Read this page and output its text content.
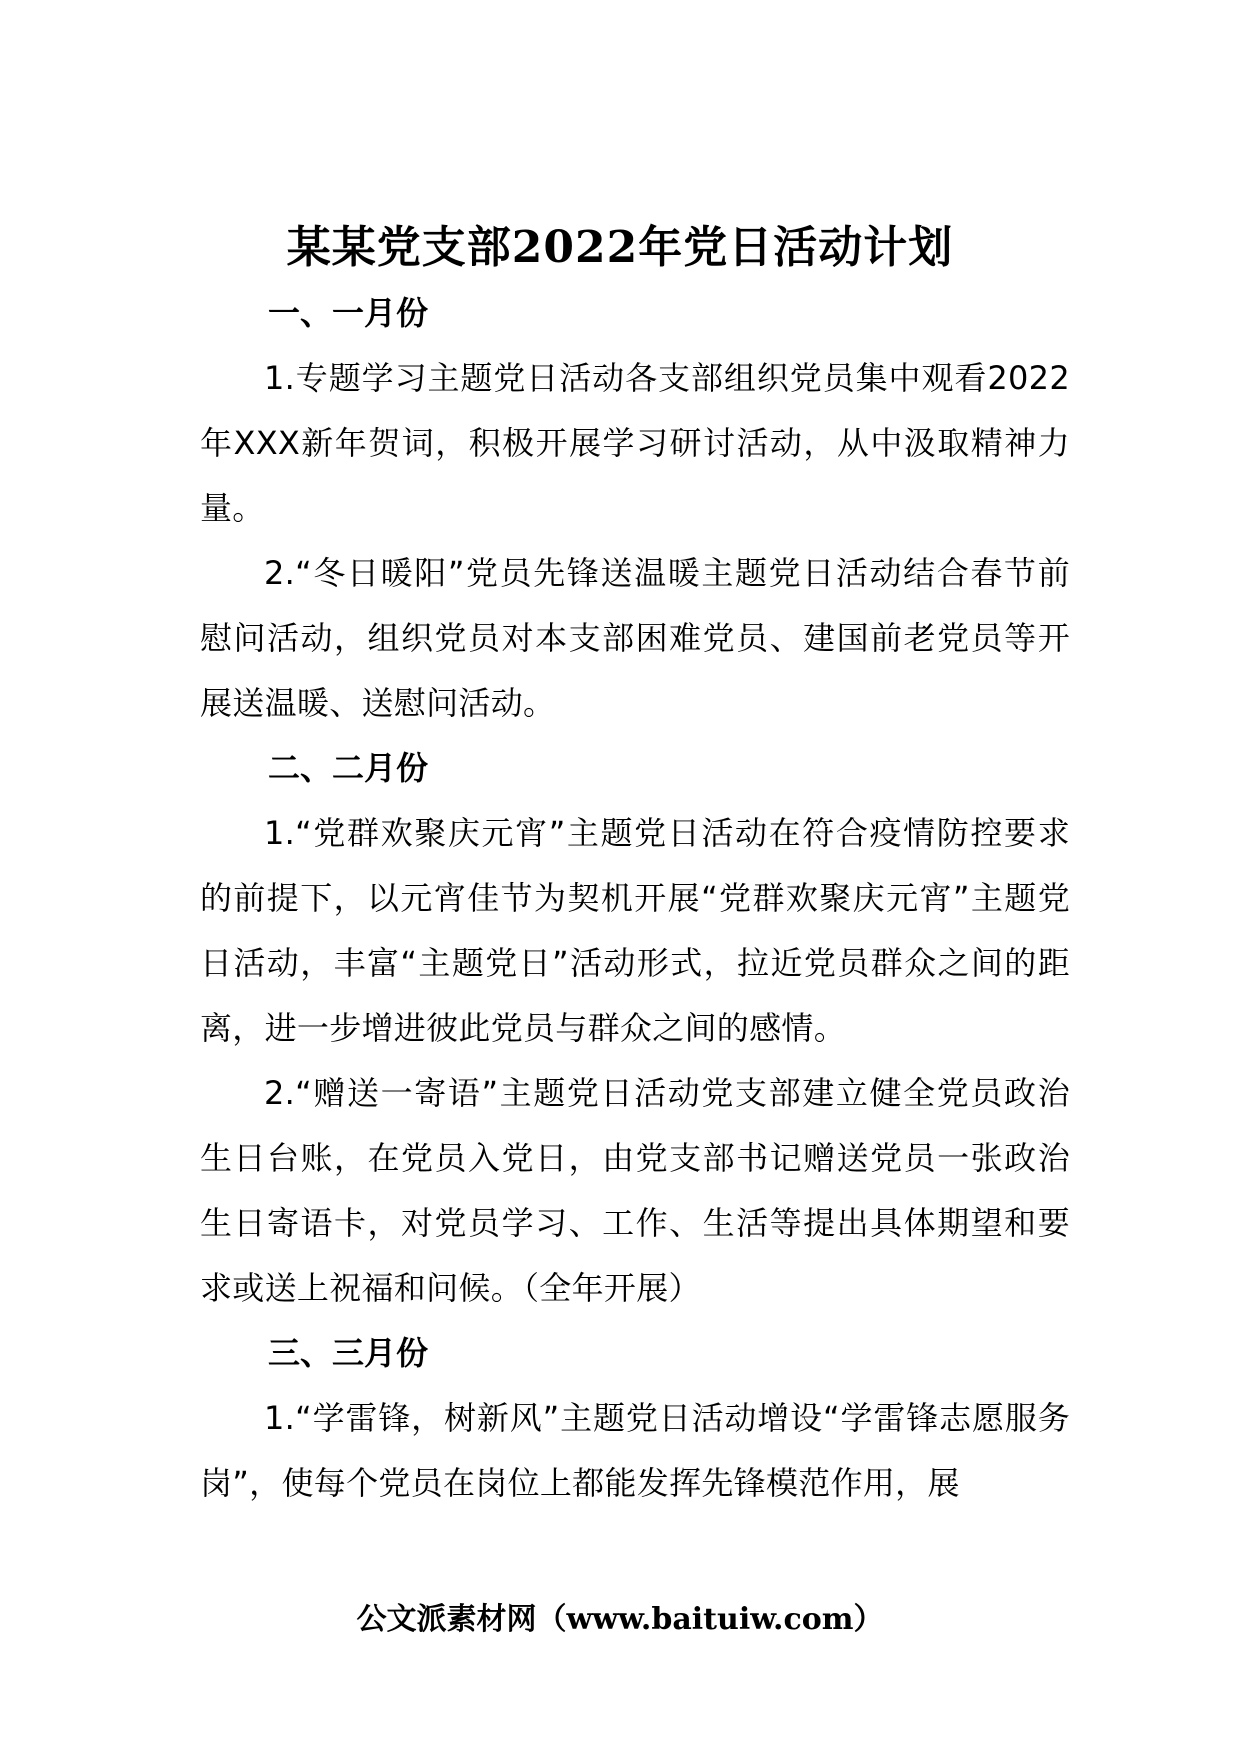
某某党支部2022年党日活动计划

一、一月份

1.专题学习主题党日活动各支部组织党员集中观看2022年XXX新年贺词，积极开展学习研讨活动，从中汲取精神力量。

2.“冬日暖阳”党员先锋送温暖主题党日活动结合春节前慰问活动，组织党员对本支部困难党员、建国前老党员等开展送温暖、送慰问活动。

二、二月份

1.“党群欢聚庆元宵”主题党日活动在符合疫情防控要求的前提下，以元宵佳节为契机开展“党群欢聚庆元宵”主题党日活动，丰富“主题党日”活动形式，拉近党员群众之间的距离，进一步增进彼此党员与群众之间的感情。

2.“赠送一寄语”主题党日活动党支部建立健全党员政治生日台账，在党员入党日，由党支部书记赠送党员一张政治生日寄语卡，对党员学习、工作、生活等提出具体期望和要求或送上祝福和问候。（全年开展）

三、三月份

1.“学雷锋，树新风”主题党日活动增设“学雷锋志愿服务岗”，使每个党员在岗位上都能发挥先锋模范作用，展

公文派素材网（www.baituiw.com）
